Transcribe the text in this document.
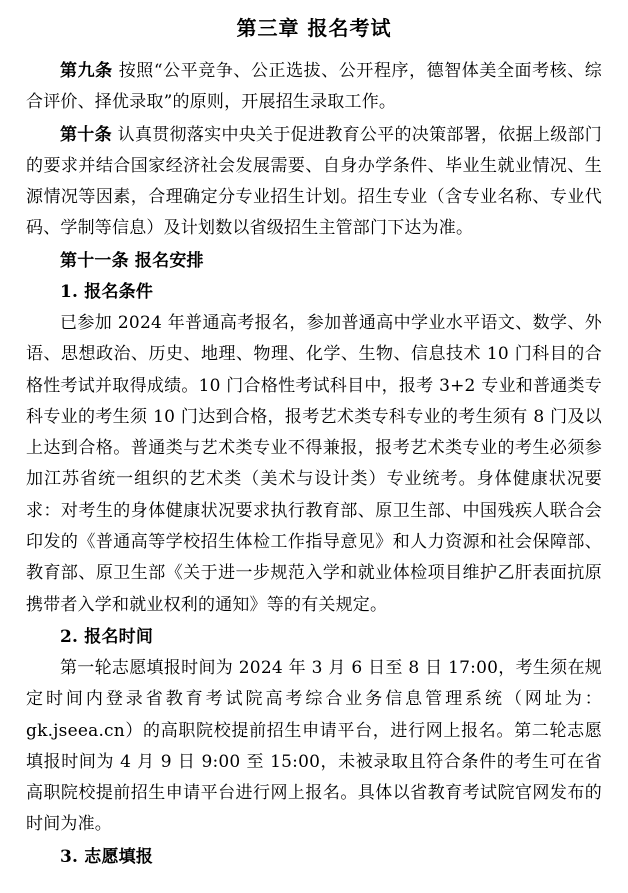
第三章 报名考试

第九条 按照“公平竞争、公正选拔、公开程序，德智体美全面考核、综合评价、择优录取”的原则，开展招生录取工作。

第十条 认真贯彻落实中央关于促进教育公平的决策部署，依据上级部门的要求并结合国家经济社会发展需要、自身办学条件、毕业生就业情况、生源情况等因素，合理确定分专业招生计划。招生专业（含专业名称、专业代码、学制等信息）及计划数以省级招生主管部门下达为准。

第十一条 报名安排

1. 报名条件

已参加 2024 年普通高考报名，参加普通高中学业水平语文、数学、外语、思想政治、历史、地理、物理、化学、生物、信息技术 10 门科目的合格性考试并取得成绩。10 门合格性考试科目中，报考 3+2 专业和普通类专科专业的考生须 10 门达到合格，报考艺术类专科专业的考生须有 8 门及以上达到合格。普通类与艺术类专业不得兼报，报考艺术类专业的考生必须参加江苏省统一组织的艺术类（美术与设计类）专业统考。身体健康状况要求：对考生的身体健康状况要求执行教育部、原卫生部、中国残疾人联合会印发的《普通高等学校招生体检工作指导意见》和人力资源和社会保障部、教育部、原卫生部《关于进一步规范入学和就业体检项目维护乙肝表面抗原携带者入学和就业权利的通知》等的有关规定。

2. 报名时间

第一轮志愿填报时间为 2024 年 3 月 6 日至 8 日 17:00，考生须在规定时间内登录省教育考试院高考综合业务信息管理系统（网址为：gk.jseea.cn）的高职院校提前招生申请平台，进行网上报名。第二轮志愿填报时间为 4 月 9 日 9:00 至 15:00，未被录取且符合条件的考生可在省高职院校提前招生申请平台进行网上报名。具体以省教育考试院官网发布的时间为准。

3. 志愿填报
